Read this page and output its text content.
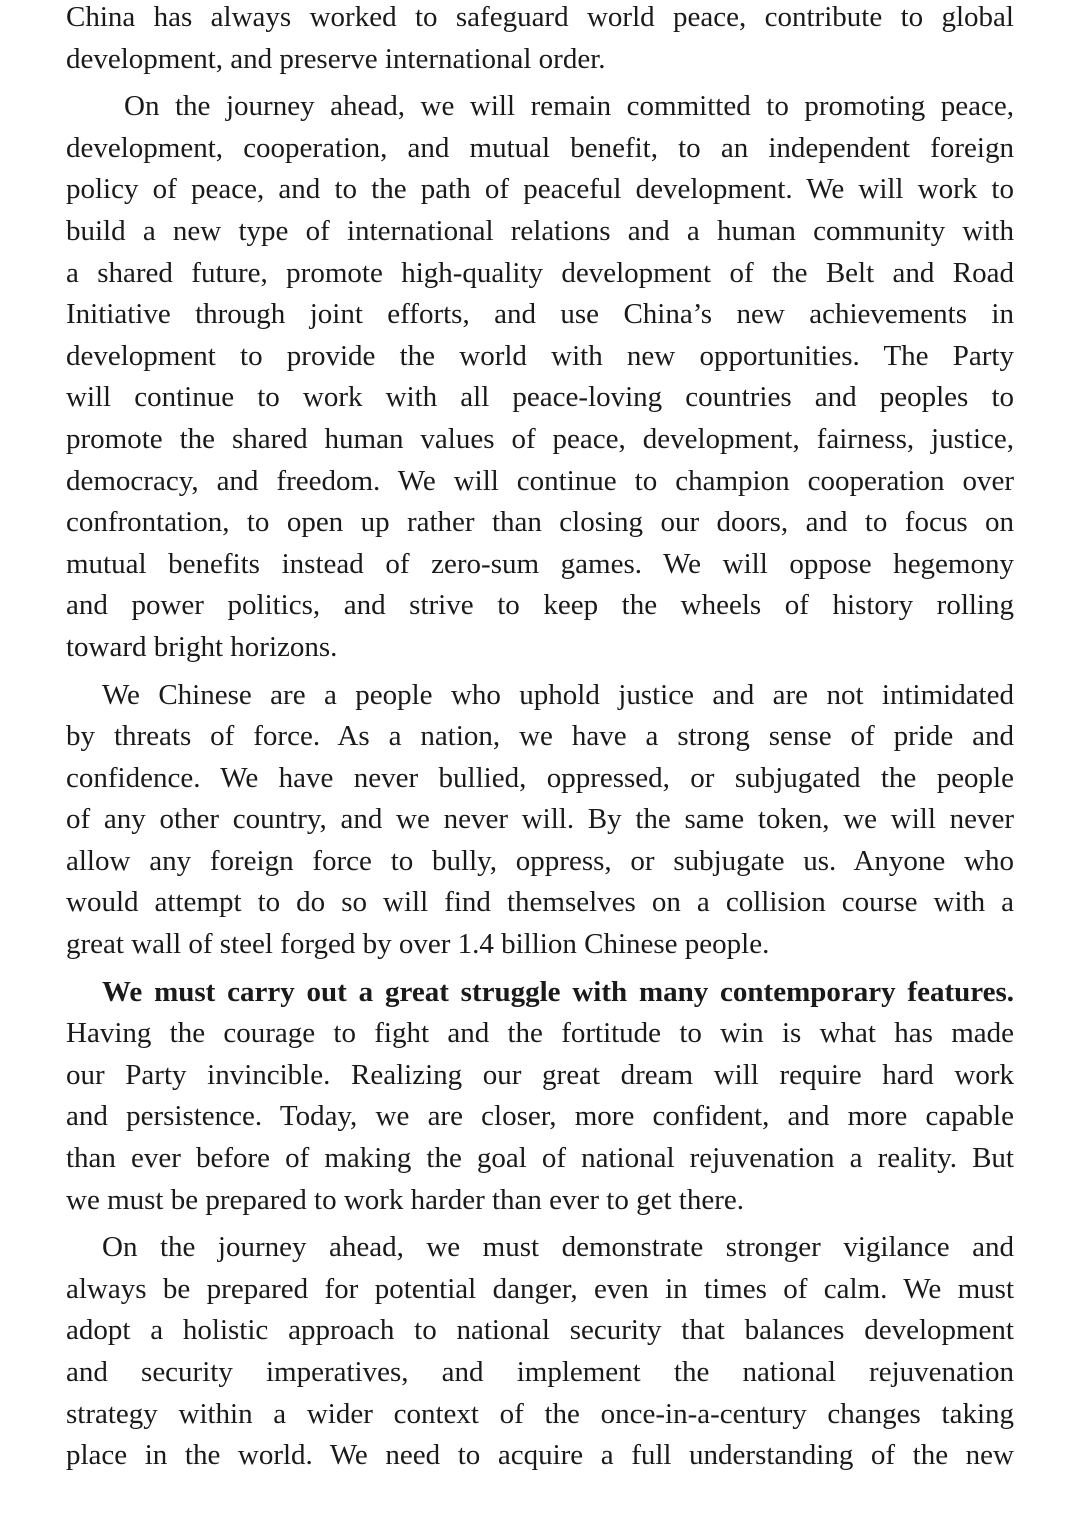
China has always worked to safeguard world peace, contribute to global
development, and preserve international order.
On the journey ahead, we will remain committed to promoting peace,
development, cooperation, and mutual benefit, to an independent foreign
policy of peace, and to the path of peaceful development. We will work to
build a new type of international relations and a human community with
a shared future, promote high-quality development of the Belt and Road
Initiative through joint efforts, and use China’s new achievements in
development to provide the world with new opportunities. The Party
will continue to work with all peace-loving countries and peoples to
promote the shared human values of peace, development, fairness, justice,
democracy, and freedom. We will continue to champion cooperation over
confrontation, to open up rather than closing our doors, and to focus on
mutual benefits instead of zero-sum games. We will oppose hegemony
and power politics, and strive to keep the wheels of history rolling
toward bright horizons.
We Chinese are a people who uphold justice and are not intimidated
by threats of force. As a nation, we have a strong sense of pride and
confidence. We have never bullied, oppressed, or subjugated the people
of any other country, and we never will. By the same token, we will never
allow any foreign force to bully, oppress, or subjugate us. Anyone who
would attempt to do so will find themselves on a collision course with a
great wall of steel forged by over 1.4 billion Chinese people.
We must carry out a great struggle with many contemporary features.
Having the courage to fight and the fortitude to win is what has made
our Party invincible. Realizing our great dream will require hard work
and persistence. Today, we are closer, more confident, and more capable
than ever before of making the goal of national rejuvenation a reality. But
we must be prepared to work harder than ever to get there.
On the journey ahead, we must demonstrate stronger vigilance and
always be prepared for potential danger, even in times of calm. We must
adopt a holistic approach to national security that balances development
and security imperatives, and implement the national rejuvenation
strategy within a wider context of the once-in-a-century changes taking
place in the world. We need to acquire a full understanding of the new
